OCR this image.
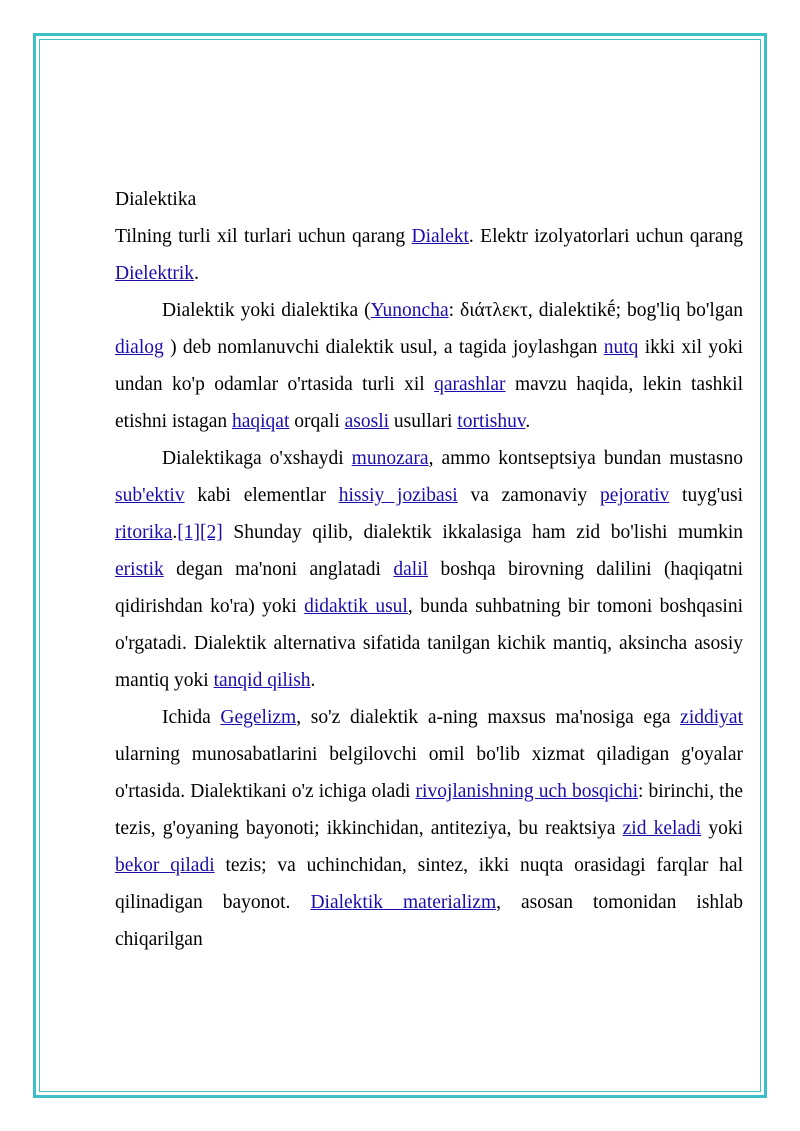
Dialektika

Tilning turli xil turlari uchun qarang Dialekt. Elektr izolyatorlari uchun qarang Dielektrik.

Dialektik yoki dialektika (Yunoncha: διάτλεκτ, dialektikḗ; bog'liq bo'lgan dialog ) deb nomlanuvchi dialektik usul, a tagida joylashgan nutq ikki xil yoki undan ko'p odamlar o'rtasida turli xil qarashlar mavzu haqida, lekin tashkil etishni istagan haqiqat orqali asosli usullari tortishuv.

Dialektikaga o'xshaydi munozara, ammo kontseptsiya bundan mustasno sub'ektiv kabi elementlar hissiy jozibasi va zamonaviy pejorativ tuyg'usi ritorika.[1][2] Shunday qilib, dialektik ikkalasiga ham zid bo'lishi mumkin eristik degan ma'noni anglatadi dalil boshqa birovning dalilini (haqiqatni qidirishdan ko'ra) yoki didaktik usul, bunda suhbatning bir tomoni boshqasini o'rgatadi. Dialektik alternativa sifatida tanilgan kichik mantiq, aksincha asosiy mantiq yoki tanqid qilish.

Ichida Gegelizm, so'z dialektik a-ning maxsus ma'nosiga ega ziddiyat ularning munosabatlarini belgilovchi omil bo'lib xizmat qiladigan g'oyalar o'rtasida. Dialektikani o'z ichiga oladi rivojlanishning uch bosqichi: birinchi, the tezis, g'oyaning bayonoti; ikkinchidan, antiteziya, bu reaktsiya zid keladi yoki bekor qiladi tezis; va uchinchidan, sintez, ikki nuqta orasidagi farqlar hal qilinadigan bayonot. Dialektik materializm, asosan tomonidan ishlab chiqarilgan
